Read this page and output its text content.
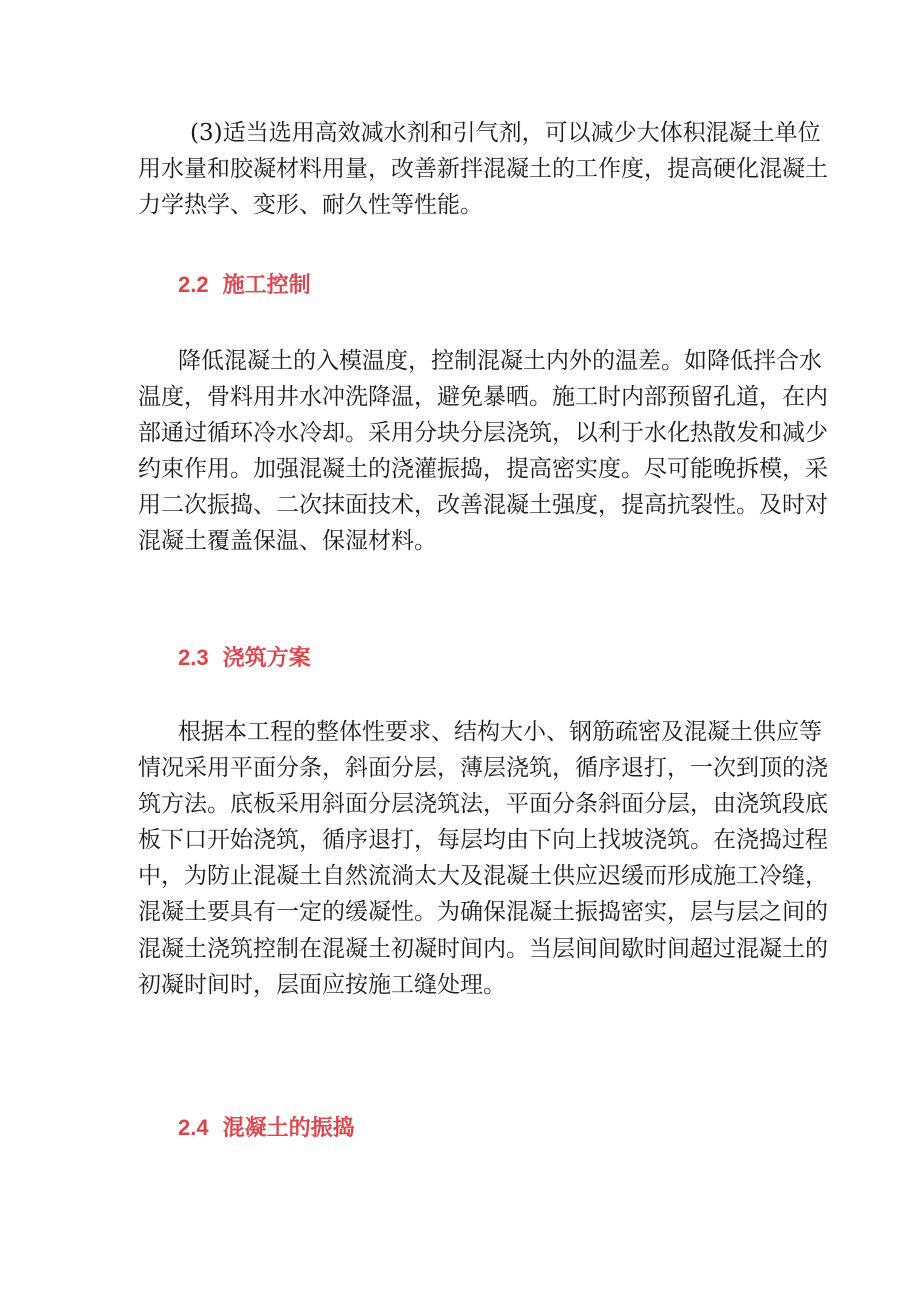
(3)适当选用高效减水剂和引气剂，可以减少大体积混凝土单位
用水量和胶凝材料用量，改善新拌混凝土的工作度，提高硬化混凝土
力学热学、变形、耐久性等性能。
2.2 施工控制
降低混凝土的入模温度，控制混凝土内外的温差。如降低拌合水
温度，骨料用井水冲洗降温，避免暴晒。施工时内部预留孔道，在内
部通过循环冷水冷却。采用分块分层浇筑，以利于水化热散发和减少
约束作用。加强混凝土的浇灌振捣，提高密实度。尽可能晚拆模，采
用二次振捣、二次抹面技术，改善混凝土强度，提高抗裂性。及时对
混凝土覆盖保温、保湿材料。
2.3 浇筑方案
根据本工程的整体性要求、结构大小、钢筋疏密及混凝土供应等
情况采用平面分条，斜面分层，薄层浇筑，循序退打，一次到顶的浇
筑方法。底板采用斜面分层浇筑法，平面分条斜面分层，由浇筑段底
板下口开始浇筑，循序退打，每层均由下向上找坡浇筑。在浇捣过程
中，为防止混凝土自然流淌太大及混凝土供应迟缓而形成施工冷缝，
混凝土要具有一定的缓凝性。为确保混凝土振捣密实，层与层之间的
混凝土浇筑控制在混凝土初凝时间内。当层间间歇时间超过混凝土的
初凝时间时，层面应按施工缝处理。
2.4 混凝土的振捣
